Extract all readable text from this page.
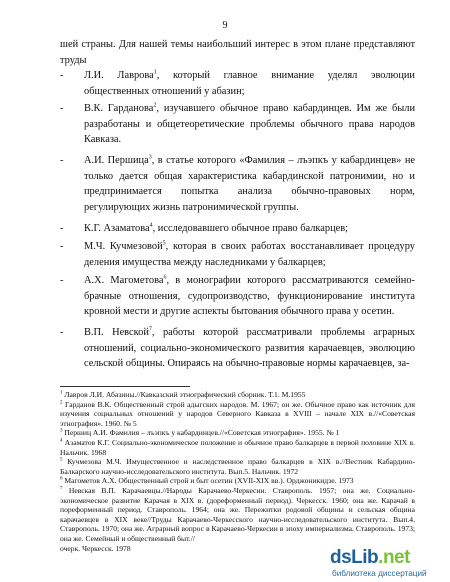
9
шей страны. Для нашей темы наибольший интерес в этом плане представляют
труды
- Л.И. Лаврова$^1$, который главное внимание уделял эволюции общественных отношений у абазин;
- В.К. Гарданова$^2$, изучавшего обычное право кабардинцев. Им же были разработаны и общетеоретические проблемы обычного права народов Кавказа.
- А.И. Першица$^3$, в статье которого «Фамилия – лъэпкъ у кабардинцев» не только дается общая характеристика кабардинской патронимии, но и предпринимается попытка анализа обычно-правовых норм, регулирующих жизнь патронимической группы.
- К.Г. Азаматова$^4$, исследовавшего обычное право балкарцев;
- М.Ч. Кучмезовой$^5$, которая в своих работах восстанавливает процедуру деления имущества между наследниками у балкарцев;
- А.Х. Магометова$^6$, в монографии которого рассматриваются семейно-брачные отношения, судопроизводство, функционирование института кровной мести и другие аспекты бытования обычного права у осетин.
- В.П. Невской$^7$, работы которой рассматривали проблемы аграрных отношений, социально-экономического развития карачаевцев, эволюцию сельской общины. Опираясь на обычно-правовые нормы карачаевцев, за-
$^1$ Лавров Л.И. Абазины.//Кавказский этнографический сборник. Т.1. М.1955
$^2$ Гарданов В.К. Общественный строй адыгских народов. М. 1967; он же. Обычное право как источник для изучения социальных отношений у народов Северного Кавказа в XVIII – начале XIX в.//«Советская этнография». 1960. № 5
$^3$ Першиц А.И. Фамилия – лъэпкъ у кабардинцев.//«Советская этнография». 1955. № 1
$^4$ Азаматов К.Г. Социально-экономическое положение и обычное право балкарцев в первой половине XIX в. Нальчик. 1968
$^5$ Кучмезова М.Ч. Имущественное и наследственное право балкарцев в XIX в.//Вестник Кабардино-Балкарского научно-исследовательского института. Вып.5. Нальчик. 1972
$^6$ Магометов А.Х. Общественный строй и быт осетин (XVII-XIX вв.). Орджоникидзе. 1973
$^7$ Невская В.П. Карачаевцы.//Народы Карачаево-Черкесии. Ставрополь. 1957; она же. Социально-экономическое развитие Карачая в XIX в. (дореформенный период). Черкесск. 1960; она же. Карачай в пореформенный период. Ставрополь. 1964; она же. Пережитки родовой общины и сельская община карачаевцев в XIX веке//Труды Карачаево-Черкесского научно-исследовательского института. Вып.4. Ставрополь. 1970; она же. Аграрный вопрос в Карачаево-Черкесии в эпоху империализма. Ставрополь. 1973; она же. Семейный и общественный быт.//
очерк. Черкесск. 1978	dsLib.net
библиотека диссертаций
